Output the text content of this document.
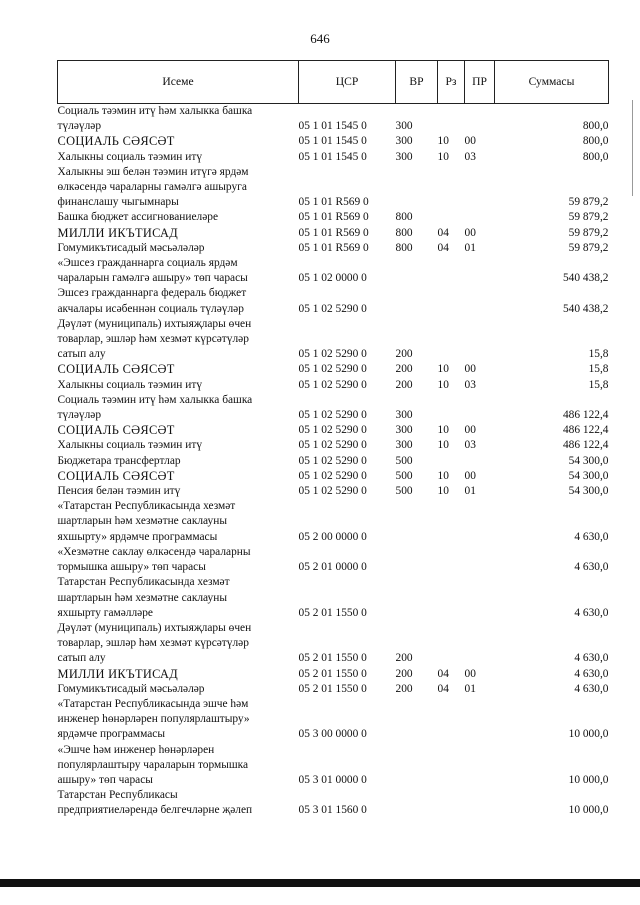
646
Исеме	ЦСР	ВР	Рз	ПР	Суммасы

Социаль тәэмин итү һәм халыкка башка
түләүләр	05 1 01 1545 0	300			800,0

СОЦИАЛЬ СӘЯСӘТ	05 1 01 1545 0	300	10	00	800,0

Халыкны социаль тәэмин итү	05 1 01 1545 0	300	10	03	800,0

Халыкны эш белән тәэмин итүгә ярдәм
өлкәсендә чараларны гамәлгә ашыруга
финанслашу чыгымнары	05 1 01 R569 0				59 879,2

Башка бюджет ассигнованиеләре	05 1 01 R569 0	800			59 879,2

МИЛЛИ ИКЪТИСАД	05 1 01 R569 0	800	04	00	59 879,2

Гомумикътисадый мәсьәләләр	05 1 01 R569 0	800	04	01	59 879,2

«Эшсез гражданнарга социаль ярдәм
чараларын гамәлгә ашыру» төп чарасы	05 1 02 0000 0				540 438,2

Эшсез гражданнарга федераль бюджет
акчалары исәбеннән социаль түләүләр	05 1 02 5290 0				540 438,2

Дәүләт (муниципаль) ихтыяҗлары өчен
товарлар, эшләр һәм хезмәт күрсәтүләр
сатып алу	05 1 02 5290 0	200			15,8

СОЦИАЛЬ СӘЯСӘТ	05 1 02 5290 0	200	10	00	15,8

Халыкны социаль тәэмин итү	05 1 02 5290 0	200	10	03	15,8

Социаль тәэмин итү һәм халыкка башка
түләүләр	05 1 02 5290 0	300			486 122,4

СОЦИАЛЬ СӘЯСӘТ	05 1 02 5290 0	300	10	00	486 122,4

Халыкны социаль тәэмин итү	05 1 02 5290 0	300	10	03	486 122,4

Бюджетара трансфертлар	05 1 02 5290 0	500			54 300,0

СОЦИАЛЬ СӘЯСӘТ	05 1 02 5290 0	500	10	00	54 300,0

Пенсия белән тәэмин итү	05 1 02 5290 0	500	10	01	54 300,0

«Татарстан Республикасында хезмәт
шартларын һәм хезмәтне саклауны
яхшырту» ярдәмче программасы	05 2 00 0000 0				4 630,0

«Хезмәтне саклау өлкәсендә чараларны
тормышка ашыру» төп чарасы	05 2 01 0000 0				4 630,0

Татарстан Республикасында хезмәт
шартларын һәм хезмәтне саклауны
яхшырту гамәлләре	05 2 01 1550 0				4 630,0

Дәүләт (муниципаль) ихтыяҗлары өчен
товарлар, эшләр һәм хезмәт күрсәтүләр
сатып алу	05 2 01 1550 0	200			4 630,0

МИЛЛИ ИКЪТИСАД	05 2 01 1550 0	200	04	00	4 630,0

Гомумикътисадый мәсьәләләр	05 2 01 1550 0	200	04	01	4 630,0

«Татарстан Республикасында эшче һәм
инженер һөнәрләрен популярлаштыру»
ярдәмче программасы	05 3 00 0000 0				10 000,0

«Эшче һәм инженер һөнәрләрен
популярлаштыру чараларын тормышка
ашыру» төп чарасы	05 3 01 0000 0				10 000,0

Татарстан Республикасы
предприятиеләрендә белгечләрне җәлеп	05 3 01 1560 0				10 000,0
